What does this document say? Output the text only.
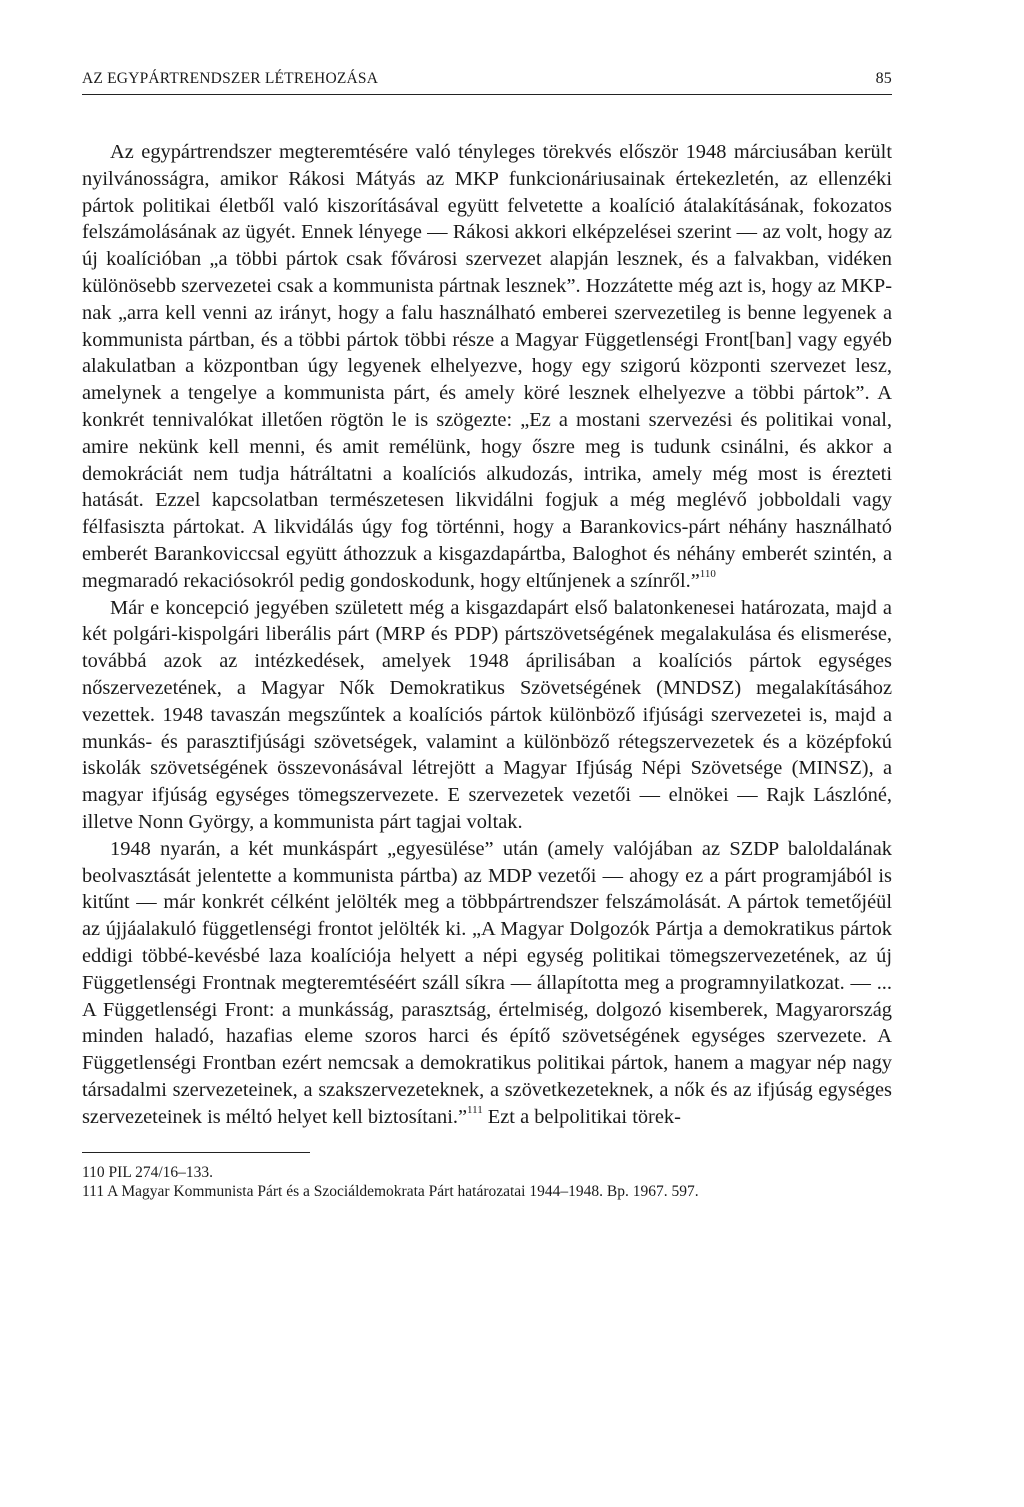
AZ EGYPÁRTRENDSZER LÉTREHOZÁSA	85

Az egypártrendszer megteremtésére való tényleges törekvés először 1948 márciusában került nyilvánosságra, amikor Rákosi Mátyás az MKP funkcionáriusainak értekezletén, az ellenzéki pártok politikai életből való kiszorításával együtt felvetette a koalíció átalakításának, fokozatos felszámolásának az ügyét. Ennek lényege — Rákosi akkori elképzelései szerint — az volt, hogy az új koalícióban „a többi pártok csak fővárosi szervezet alapján lesznek, és a falvakban, vidéken különösebb szervezetei csak a kommunista pártnak lesznek”. Hozzátette még azt is, hogy az MKP-nak „arra kell venni az irányt, hogy a falu használható emberei szervezetileg is benne legyenek a kommunista pártban, és a többi pártok többi része a Magyar Függetlenségi Front[ban] vagy egyéb alakulatban a központban úgy legyenek elhelyezve, hogy egy szigorú központi szervezet lesz, amelynek a tengelye a kommunista párt, és amely köré lesznek elhelyezve a többi pártok”. A konkrét tennivalókat illetően rögtön le is szögezte: „Ez a mostani szervezési és politikai vonal, amire nekünk kell menni, és amit remélünk, hogy őszre meg is tudunk csinálni, és akkor a demokráciát nem tudja hátráltatni a koalíciós alkudozás, intrika, amely még most is érezteti hatását. Ezzel kapcsolatban természetesen likvidálni fogjuk a még meglévő jobboldali vagy félfasiszta pártokat. A likvidálás úgy fog történni, hogy a Barankovics-párt néhány használható emberét Barankoviccsal együtt áthozzuk a kisgazdapártba, Baloghot és néhány emberét szintén, a megmaradó rekaciósokról pedig gondoskodunk, hogy eltűnjenek a színről.”$^{110}$

Már e koncepció jegyében született még a kisgazdapárt első balatonkenesei határozata, majd a két polgári-kispolgári liberális párt (MRP és PDP) pártszövetségének megalakulása és elismerése, továbbá azok az intézkedések, amelyek 1948 áprilisában a koalíciós pártok egységes nőszervezetének, a Magyar Nők Demokratikus Szövetségének (MNDSZ) megalakításához vezettek. 1948 tavaszán megszűntek a koalíciós pártok különböző ifjúsági szervezetei is, majd a munkás- és parasztifjúsági szövetségek, valamint a különböző rétegszervezetek és a középfokú iskolák szövetségének összevonásával létrejött a Magyar Ifjúság Népi Szövetsége (MINSZ), a magyar ifjúság egységes tömegszervezete. E szervezetek vezetői — elnökei — Rajk Lászlóné, illetve Nonn György, a kommunista párt tagjai voltak.

1948 nyarán, a két munkáspárt „egyesülése” után (amely valójában az SZDP baloldalának beolvasztását jelentette a kommunista pártba) az MDP vezetői — ahogy ez a párt programjából is kitűnt — már konkrét célként jelölték meg a többpártrendszer felszámolását. A pártok temetőjéül az újjáalakuló függetlenségi frontot jelölték ki. „A Magyar Dolgozók Pártja a demokratikus pártok eddigi többé-kevésbé laza koalíciója helyett a népi egység politikai tömegszervezetének, az új Függetlenségi Frontnak megteremtéséért száll síkra — állapította meg a programnyilatkozat. — ... A Függetlenségi Front: a munkásság, parasztság, értelmiség, dolgozó kisemberek, Magyarország minden haladó, hazafias eleme szoros harci és építő szövetségének egységes szervezete. A Függetlenségi Frontban ezért nemcsak a demokratikus politikai pártok, hanem a magyar nép nagy társadalmi szervezeteinek, a szakszervezeteknek, a szövetkezeteknek, a nők és az ifjúság egységes szervezeteinek is méltó helyet kell biztosítani.”$^{111}$ Ezt a belpolitikai törek-

110 PIL 274/16–133.
111 A Magyar Kommunista Párt és a Szociáldemokrata Párt határozatai 1944–1948. Bp. 1967. 597.
